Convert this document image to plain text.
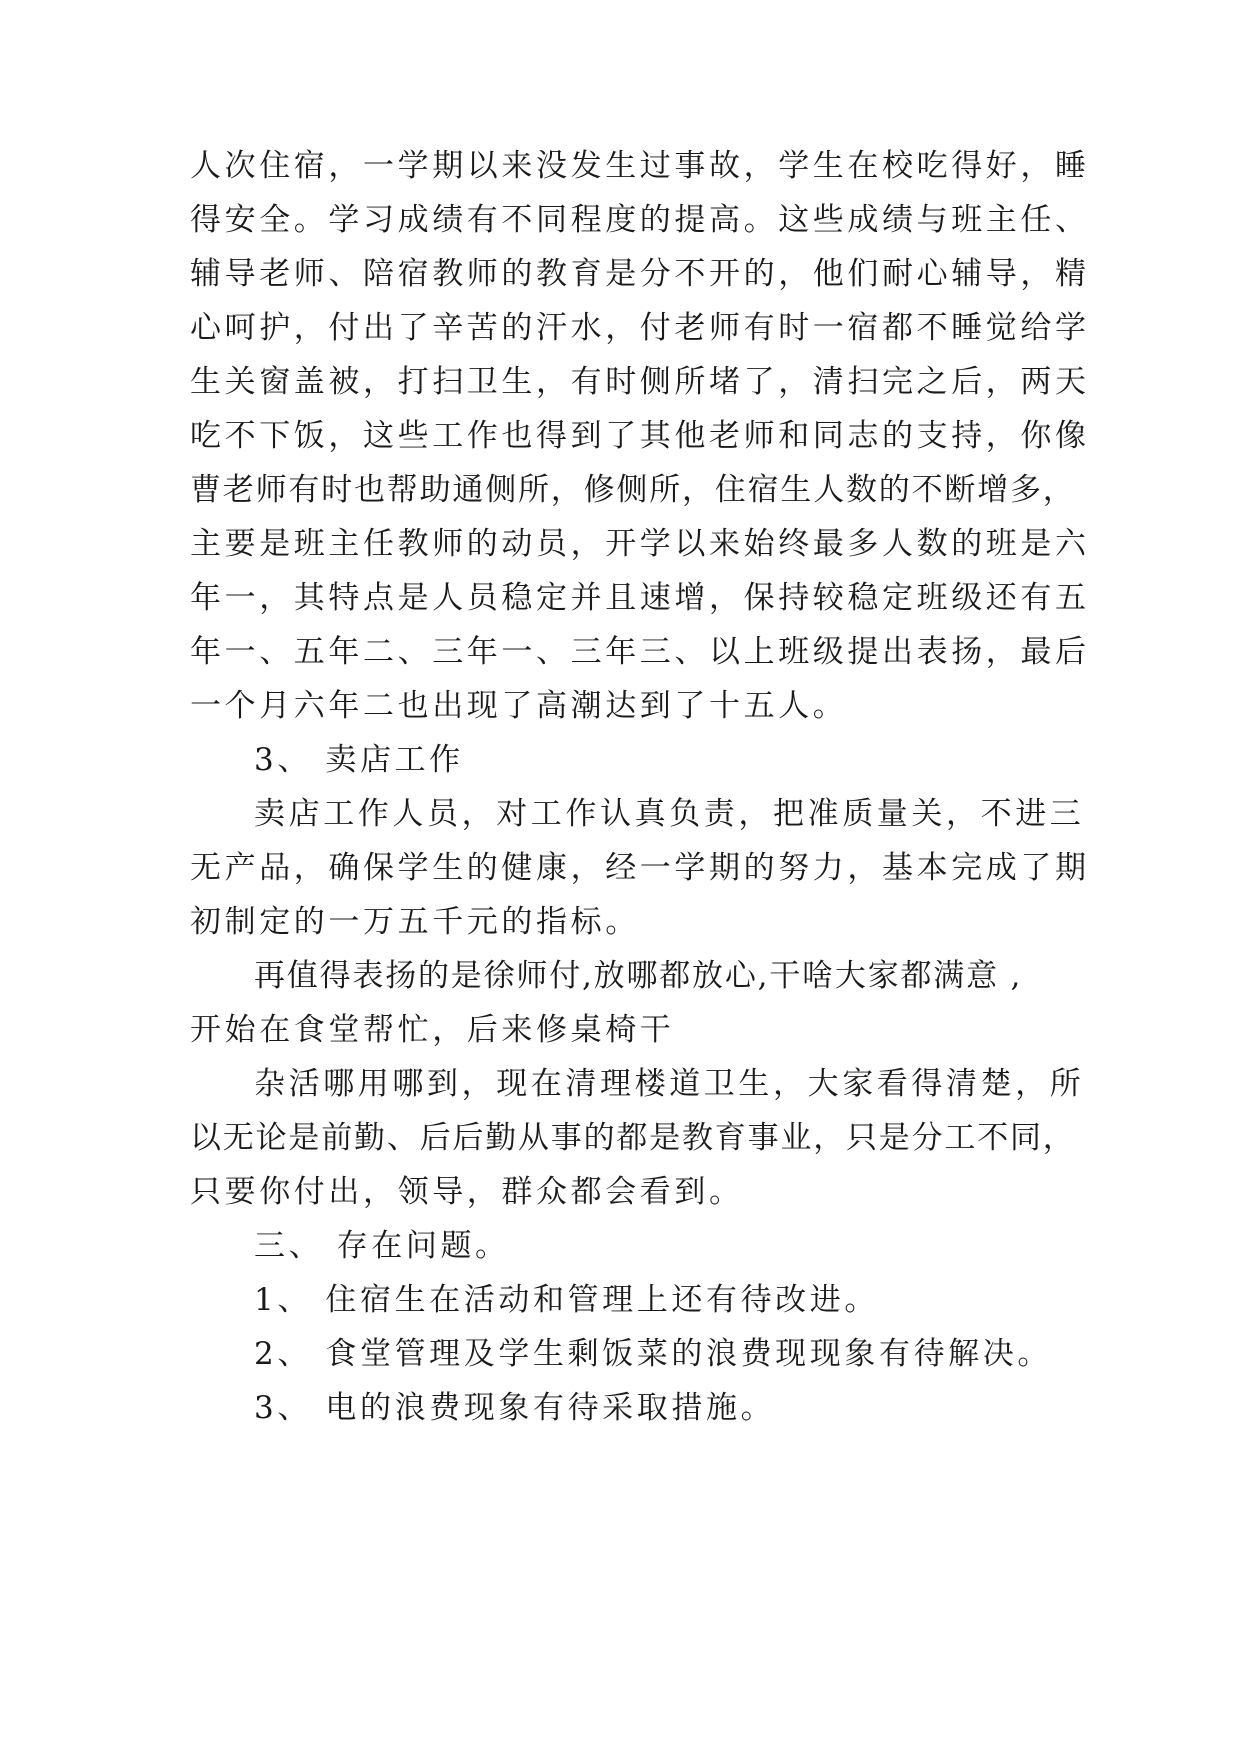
人次住宿，一学期以来没发生过事故，学生在校吃得好，睡
得安全。学习成绩有不同程度的提高。这些成绩与班主任、
辅导老师、陪宿教师的教育是分不开的，他们耐心辅导，精
心呵护，付出了辛苦的汗水，付老师有时一宿都不睡觉给学
生关窗盖被，打扫卫生，有时侧所堵了，清扫完之后，两天
吃不下饭，这些工作也得到了其他老师和同志的支持，你像
曹老师有时也帮助通侧所，修侧所，住宿生人数的不断增多，
主要是班主任教师的动员，开学以来始终最多人数的班是六
年一，其特点是人员稳定并且速增，保持较稳定班级还有五
年一、五年二、三年一、三年三、以上班级提出表扬，最后
一个月六年二也出现了高潮达到了十五人。
3、 卖店工作
卖店工作人员，对工作认真负责，把准质量关，不进三
无产品，确保学生的健康，经一学期的努力，基本完成了期
初制定的一万五千元的指标。
再值得表扬的是徐师付,放哪都放心,干啥大家都满意 ,
开始在食堂帮忙，后来修桌椅干
杂活哪用哪到，现在清理楼道卫生，大家看得清楚，所
以无论是前勤、后后勤从事的都是教育事业，只是分工不同，
只要你付出，领导，群众都会看到。
三、 存在问题。
1、 住宿生在活动和管理上还有待改进。
2、 食堂管理及学生剩饭菜的浪费现现象有待解决。
3、 电的浪费现象有待采取措施。
